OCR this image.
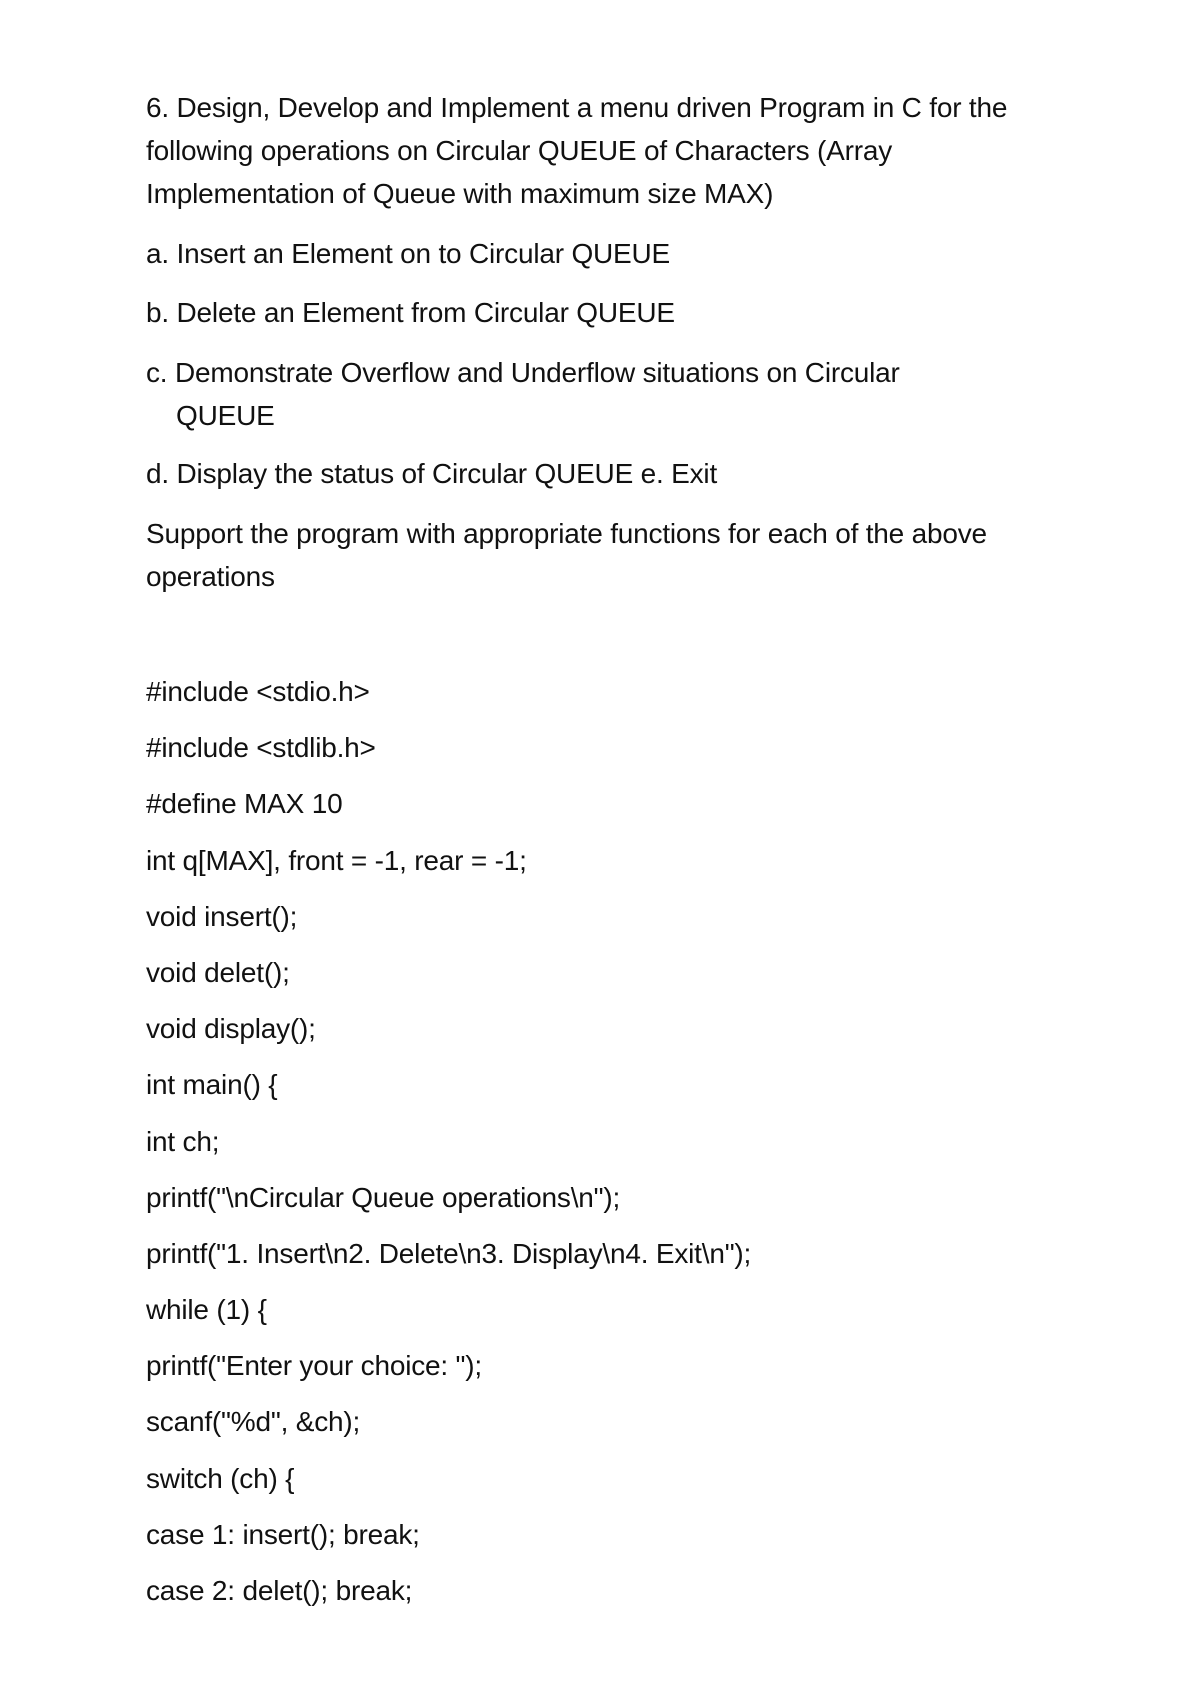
6. Design, Develop and Implement a menu driven Program in C for the following operations on Circular QUEUE of Characters (Array Implementation of Queue with maximum size MAX)

a. Insert an Element on to Circular QUEUE

b. Delete an Element from Circular QUEUE

c. Demonstrate Overflow and Underflow situations on Circular
QUEUE

d. Display the status of Circular QUEUE e. Exit

Support the program with appropriate functions for each of the above operations

#include <stdio.h>
#include <stdlib.h>
#define MAX 10
int q[MAX], front = -1, rear = -1;
void insert();
void delet();
void display();
int main() {
int ch;
printf("\nCircular Queue operations\n");
printf("1. Insert\n2. Delete\n3. Display\n4. Exit\n");
while (1) {
printf("Enter your choice: ");
scanf("%d", &ch);
switch (ch) {
case 1: insert(); break;
case 2: delet(); break;
